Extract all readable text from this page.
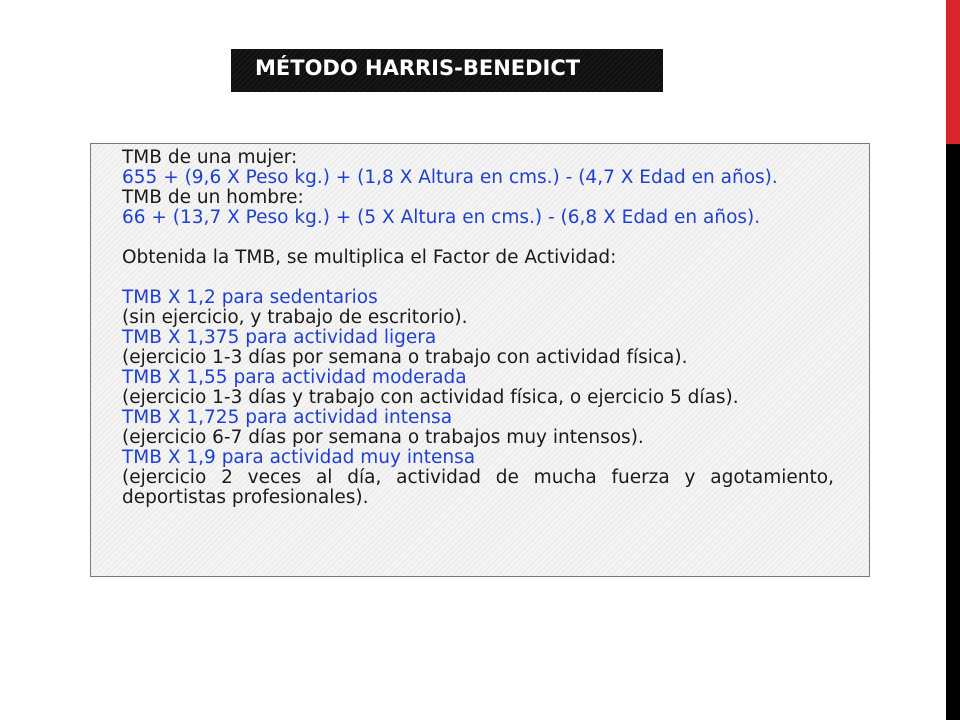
MÉTODO HARRIS-BENEDICT

TMB de una mujer:

655 + (9,6 X Peso kg.) + (1,8 X Altura en cms.) - (4,7 X Edad en años).

TMB de un hombre:

66 + (13,7 X Peso kg.) + (5 X Altura en cms.) - (6,8 X Edad en años).

Obtenida la TMB, se multiplica el Factor de Actividad:

TMB X 1,2 para sedentarios

(sin ejercicio, y trabajo de escritorio).

TMB X 1,375 para actividad ligera

(ejercicio 1-3 días por semana o trabajo con actividad física).

TMB X 1,55 para actividad moderada

(ejercicio 1-3 días y trabajo con actividad física, o ejercicio 5 días).

TMB X 1,725 para actividad intensa

(ejercicio 6-7 días por semana o trabajos muy intensos).

TMB X 1,9 para actividad muy intensa

(ejercicio 2 veces al día, actividad de mucha fuerza y agotamiento, deportistas profesionales).
